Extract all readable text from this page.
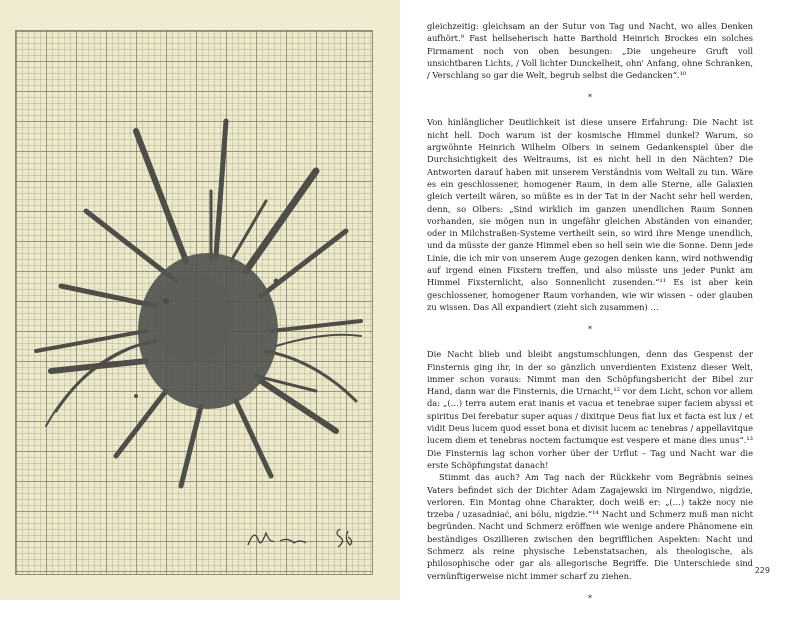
gleichzeitig: gleichsam an der Sutur von Tag und Nacht, wo alles Denken aufhört.⁹ Fast hellseherisch hatte Barthold Heinrich Brockes ein solches Firmament noch von oben besungen: „Die ungeheure Gruft voll unsichtbaren Lichts, / Voll lichter Dunckelheit, ohn' Anfang, ohne Schranken, / Verschlang so gar die Welt, begrub selbst die Gedancken“.¹⁰

*

Von hinlänglicher Deutlichkeit ist diese unsere Erfahrung: Die Nacht ist nicht hell. Doch warum ist der kosmische Himmel dunkel? Warum, so argwöhnte Heinrich Wilhelm Olbers in seinem Gedankenspiel über die Durchsichtigkeit des Weltraums, ist es nicht hell in den Nächten? Die Antworten darauf haben mit unserem Verständnis vom Weltall zu tun. Wäre es ein geschlossener, homogener Raum, in dem alle Sterne, alle Galaxien gleich verteilt wären, so müßte es in der Tat in der Nacht sehr hell werden, denn, so Olbers: „Sind wirklich im ganzen unendlichen Raum Sonnen vorhanden, sie mögen nun in ungefähr gleichen Abständen von einander, oder in Milchstraßen-Systeme vertheilt sein, so wird ihre Menge unendlich, und da müsste der ganze Himmel eben so hell sein wie die Sonne. Denn jede Linie, die ich mir von unserem Auge gezogen denken kann, wird nothwendig auf irgend einen Fixstern treffen, und also müsste uns jeder Punkt am Himmel Fixsternlicht, also Sonnenlicht zusenden.“¹¹ Es ist aber kein geschlossener, homogener Raum vorhanden, wie wir wissen – oder glauben zu wissen. Das All expandiert (zieht sich zusammen) …

*

Die Nacht blieb und bleibt angstumschlungen, denn das Gespenst der Finsternis ging ihr, in der so gänzlich unverdienten Existenz dieser Welt, immer schon voraus: Nimmt man den Schöpfungsbericht der Bibel zur Hand, dann war die Finsternis, die Urnacht,¹² vor dem Licht, schon vor allem da: „(…) terra autem erat inanis et vacua et tenebrae super faciem abyssi et spiritus Dei ferebatur super aquas / dixitque Deus fiat lux et facta est lux / et vidit Deus lucem quod esset bona et divisit lucem ac tenebras / appellavitque lucem diem et tenebras noctem factumque est vespere et mane dies unus“.¹³ Die Finsternis lag schon vorher über der Urflut – Tag und Nacht war die erste Schöpfungstat danach!

Stimmt das auch? Am Tag nach der Rückkehr vom Begräbnis seines Vaters befindet sich der Dichter Adam Zagajewski im Nirgendwo, nigdzie, verloren. Ein Montag ohne Charakter, doch weiß er: „(…) także nocy nie trzeba / uzasadniać, ani bólu, nigdzie.“¹⁴ Nacht und Schmerz muß man nicht begründen. Nacht und Schmerz eröffnen wie wenige andere Phänomene ein beständiges Oszillieren zwischen den begrifflichen Aspekten: Nacht und Schmerz als reine physische Lebenstatsachen, als theologische, als philosophische oder gar als allegorische Begriffe. Die Unterschiede sind vernünftigerweise nicht immer scharf zu ziehen.

*
229
